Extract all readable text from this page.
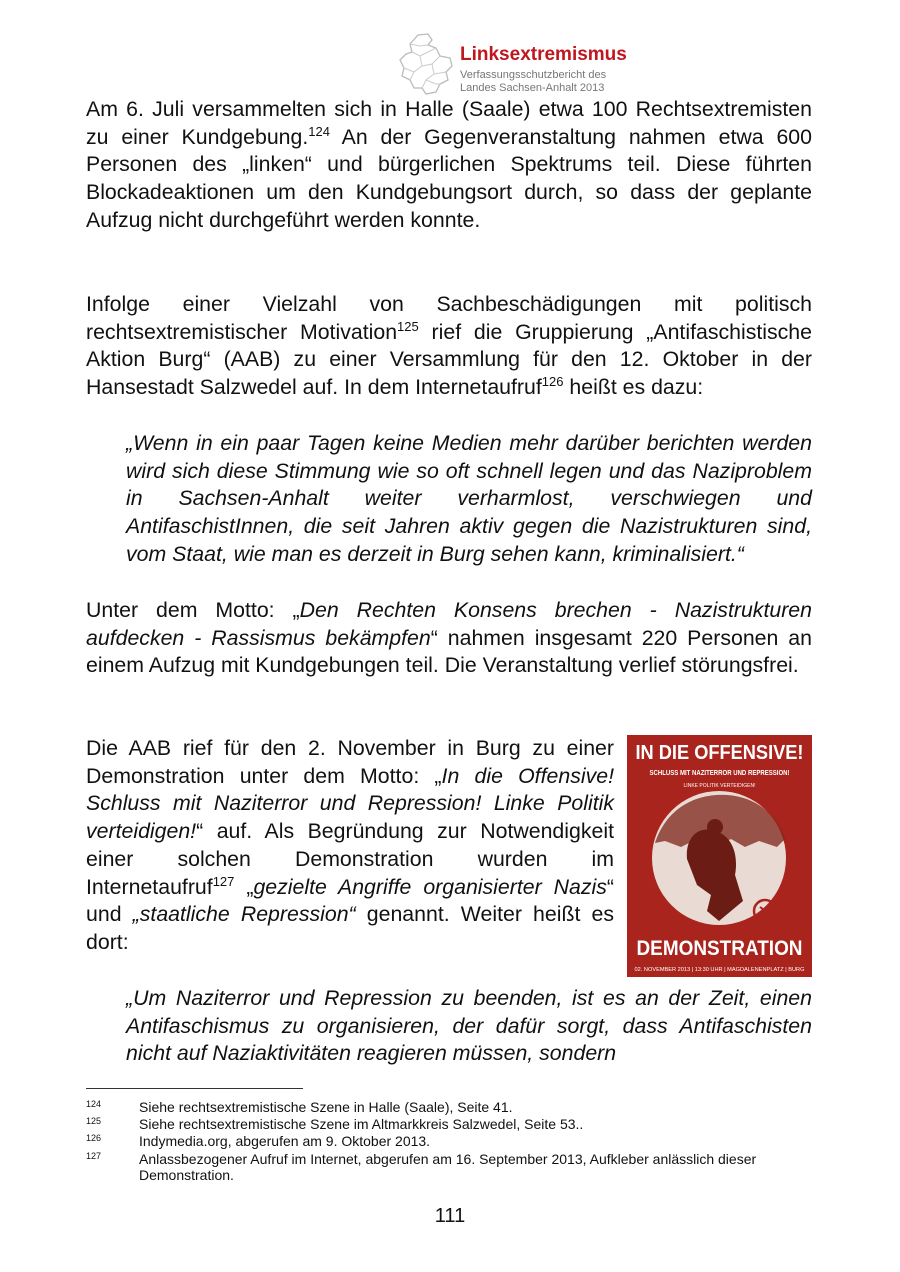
Linksextremismus
Verfassungsschutzbericht des
Landes Sachsen-Anhalt 2013
Am 6. Juli versammelten sich in Halle (Saale) etwa 100 Rechtsextremisten zu einer Kundgebung.$^{124}$ An der Gegenveranstaltung nahmen etwa 600 Personen des „linken“ und bürgerlichen Spektrums teil. Diese führten Blockadeaktionen um den Kundgebungsort durch, so dass der geplante Aufzug nicht durchgeführt werden konnte.
Infolge einer Vielzahl von Sachbeschädigungen mit politisch rechtsextremistischer Motivation$^{125}$ rief die Gruppierung „Antifaschistische Aktion Burg“ (AAB) zu einer Versammlung für den 12. Oktober in der Hansestadt Salzwedel auf. In dem Internetaufruf$^{126}$ heißt es dazu:
„Wenn in ein paar Tagen keine Medien mehr darüber berichten werden wird sich diese Stimmung wie so oft schnell legen und das Naziproblem in Sachsen-Anhalt weiter verharmlost, verschwiegen und AntifaschistInnen, die seit Jahren aktiv gegen die Nazistrukturen sind, vom Staat, wie man es derzeit in Burg sehen kann, kriminalisiert.“
Unter dem Motto: „Den Rechten Konsens brechen - Nazistrukturen aufdecken - Rassismus bekämpfen“ nahmen insgesamt 220 Personen an einem Aufzug mit Kundgebungen teil. Die Veranstaltung verlief störungsfrei.
Die AAB rief für den 2. November in Burg zu einer Demonstration unter dem Motto: „In die Offensive! Schluss mit Naziterror und Repression! Linke Politik verteidigen!“ auf. Als Begründung zur Notwendigkeit einer solchen Demonstration wurden im Internetaufruf$^{127}$ „gezielte Angriffe organisierter Nazis“ und „staatliche Repression“ genannt. Weiter heißt es dort:
IN DIE OFFENSIVE!
SCHLUSS MIT NAZITERROR UND REPRESSION!
LINKE POLITIK VERTEIDIGEN!
DEMONSTRATION
02. NOVEMBER 2013 | 13:30 UHR | MAGDALENENPLATZ | BURG
„Um Naziterror und Repression zu beenden, ist es an der Zeit, einen Antifaschismus zu organisieren, der dafür sorgt, dass Antifaschisten nicht auf Naziaktivitäten reagieren müssen, sondern
124	Siehe rechtsextremistische Szene in Halle (Saale), Seite 41.
125	Siehe rechtsextremistische Szene im Altmarkkreis Salzwedel, Seite 53..
126	Indymedia.org, abgerufen am 9. Oktober 2013.
127	Anlassbezogener Aufruf im Internet, abgerufen am 16. September 2013, Aufkleber anlässlich dieser Demonstration.
111
